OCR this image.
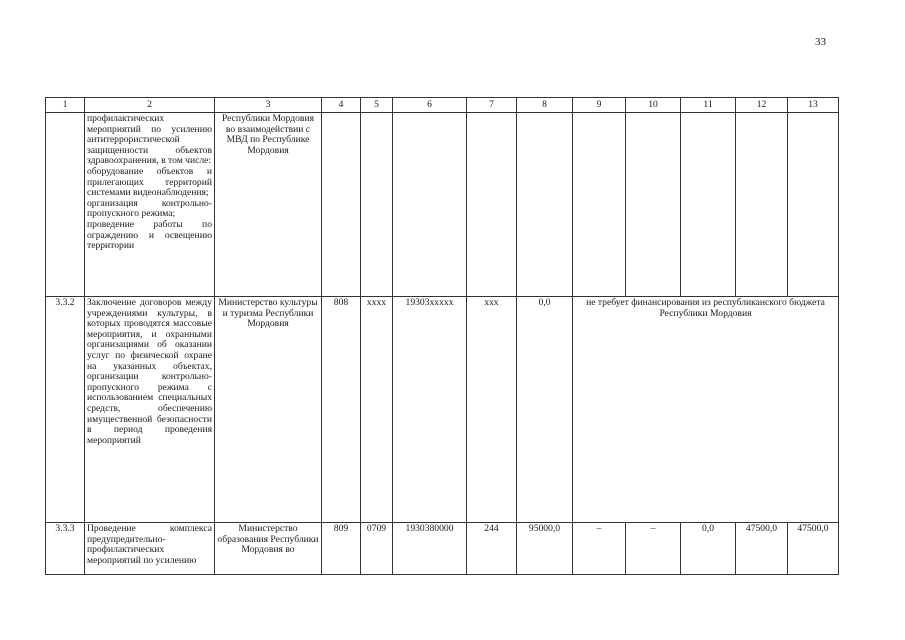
33
1	2	3	4	5	6	7	8	9	10	11	12	13
	профилактических мероприятий по усилению антитеррористической защищенности объектов здравоохранения, в том числе:
оборудование объектов и прилегающих территорий системами видеонаблюдения;
организация контрольно-пропускного режима;
проведение работы по ограждению и освещению территории	Республики Мордовия во взаимодействии с МВД по Республике Мордовия										
3.3.2	Заключение договоров между учреждениями культуры, в которых проводятся массовые мероприятия, и охранными организациями об оказании услуг по физической охране на указанных объектах, организации контрольно-пропускного режима с использованием специальных средств, обеспечению имущественной безопасности в период проведения мероприятий	Министерство культуры и туризма Республики Мордовия	808	хххх	19303ххххх	ххх	0,0	не требует финансирования из республиканского бюджета Республики Мордовия				
3.3.3	Проведение комплекса предупредительно-профилактических мероприятий по усилению	Министерство образования Республики Мордовия во	809	0709	1930380000	244	95000,0	–	–	0,0	47500,0	47500,0
